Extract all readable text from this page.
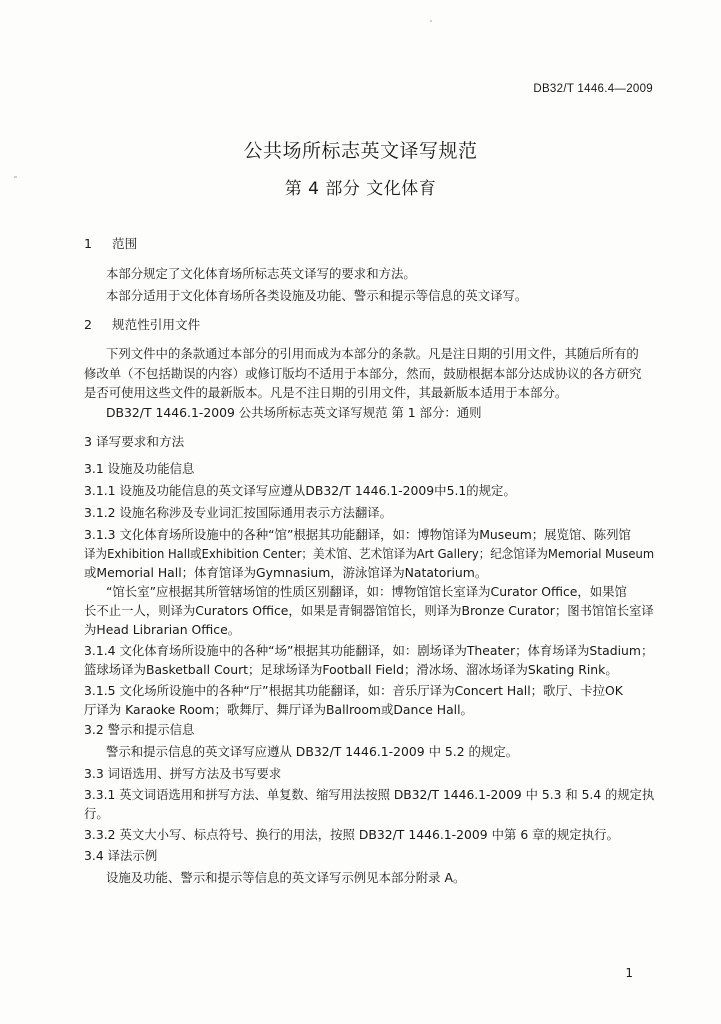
DB32/T 1446.4—2009
公共场所标志英文译写规范
第 4 部分 文化体育
1 范围
本部分规定了文化体育场所标志英文译写的要求和方法。
本部分适用于文化体育场所各类设施及功能、警示和提示等信息的英文译写。
2 规范性引用文件
下列文件中的条款通过本部分的引用而成为本部分的条款。凡是注日期的引用文件，其随后所有的
修改单（不包括勘误的内容）或修订版均不适用于本部分，然而，鼓励根据本部分达成协议的各方研究
是否可使用这些文件的最新版本。凡是不注日期的引用文件，其最新版本适用于本部分。
DB32/T 1446.1-2009 公共场所标志英文译写规范 第 1 部分：通则
3 译写要求和方法
3.1 设施及功能信息
3.1.1 设施及功能信息的英文译写应遵从DB32/T 1446.1-2009中5.1的规定。
3.1.2 设施名称涉及专业词汇按国际通用表示方法翻译。
3.1.3 文化体育场所设施中的各种“馆”根据其功能翻译，如：博物馆译为Museum；展览馆、陈列馆
译为Exhibition Hall或Exhibition Center；美术馆、艺术馆译为Art Gallery；纪念馆译为Memorial Museum
或Memorial Hall；体育馆译为Gymnasium，游泳馆译为Natatorium。
“馆长室”应根据其所管辖场馆的性质区别翻译，如：博物馆馆长室译为Curator Office，如果馆
长不止一人，则译为Curators Office，如果是青铜器馆馆长，则译为Bronze Curator；图书馆馆长室译
为Head Librarian Office。
3.1.4 文化体育场所设施中的各种“场”根据其功能翻译，如：剧场译为Theater；体育场译为Stadium；
篮球场译为Basketball Court；足球场译为Football Field；滑冰场、溜冰场译为Skating Rink。
3.1.5 文化场所设施中的各种“厅”根据其功能翻译，如：音乐厅译为Concert Hall；歌厅、卡拉OK
厅译为 Karaoke Room；歌舞厅、舞厅译为Ballroom或Dance Hall。
3.2 警示和提示信息
警示和提示信息的英文译写应遵从 DB32/T 1446.1-2009 中 5.2 的规定。
3.3 词语选用、拼写方法及书写要求
3.3.1 英文词语选用和拼写方法、单复数、缩写用法按照 DB32/T 1446.1-2009 中 5.3 和 5.4 的规定执
行。
3.3.2 英文大小写、标点符号、换行的用法，按照 DB32/T 1446.1-2009 中第 6 章的规定执行。
3.4 译法示例
设施及功能、警示和提示等信息的英文译写示例见本部分附录 A。
1
